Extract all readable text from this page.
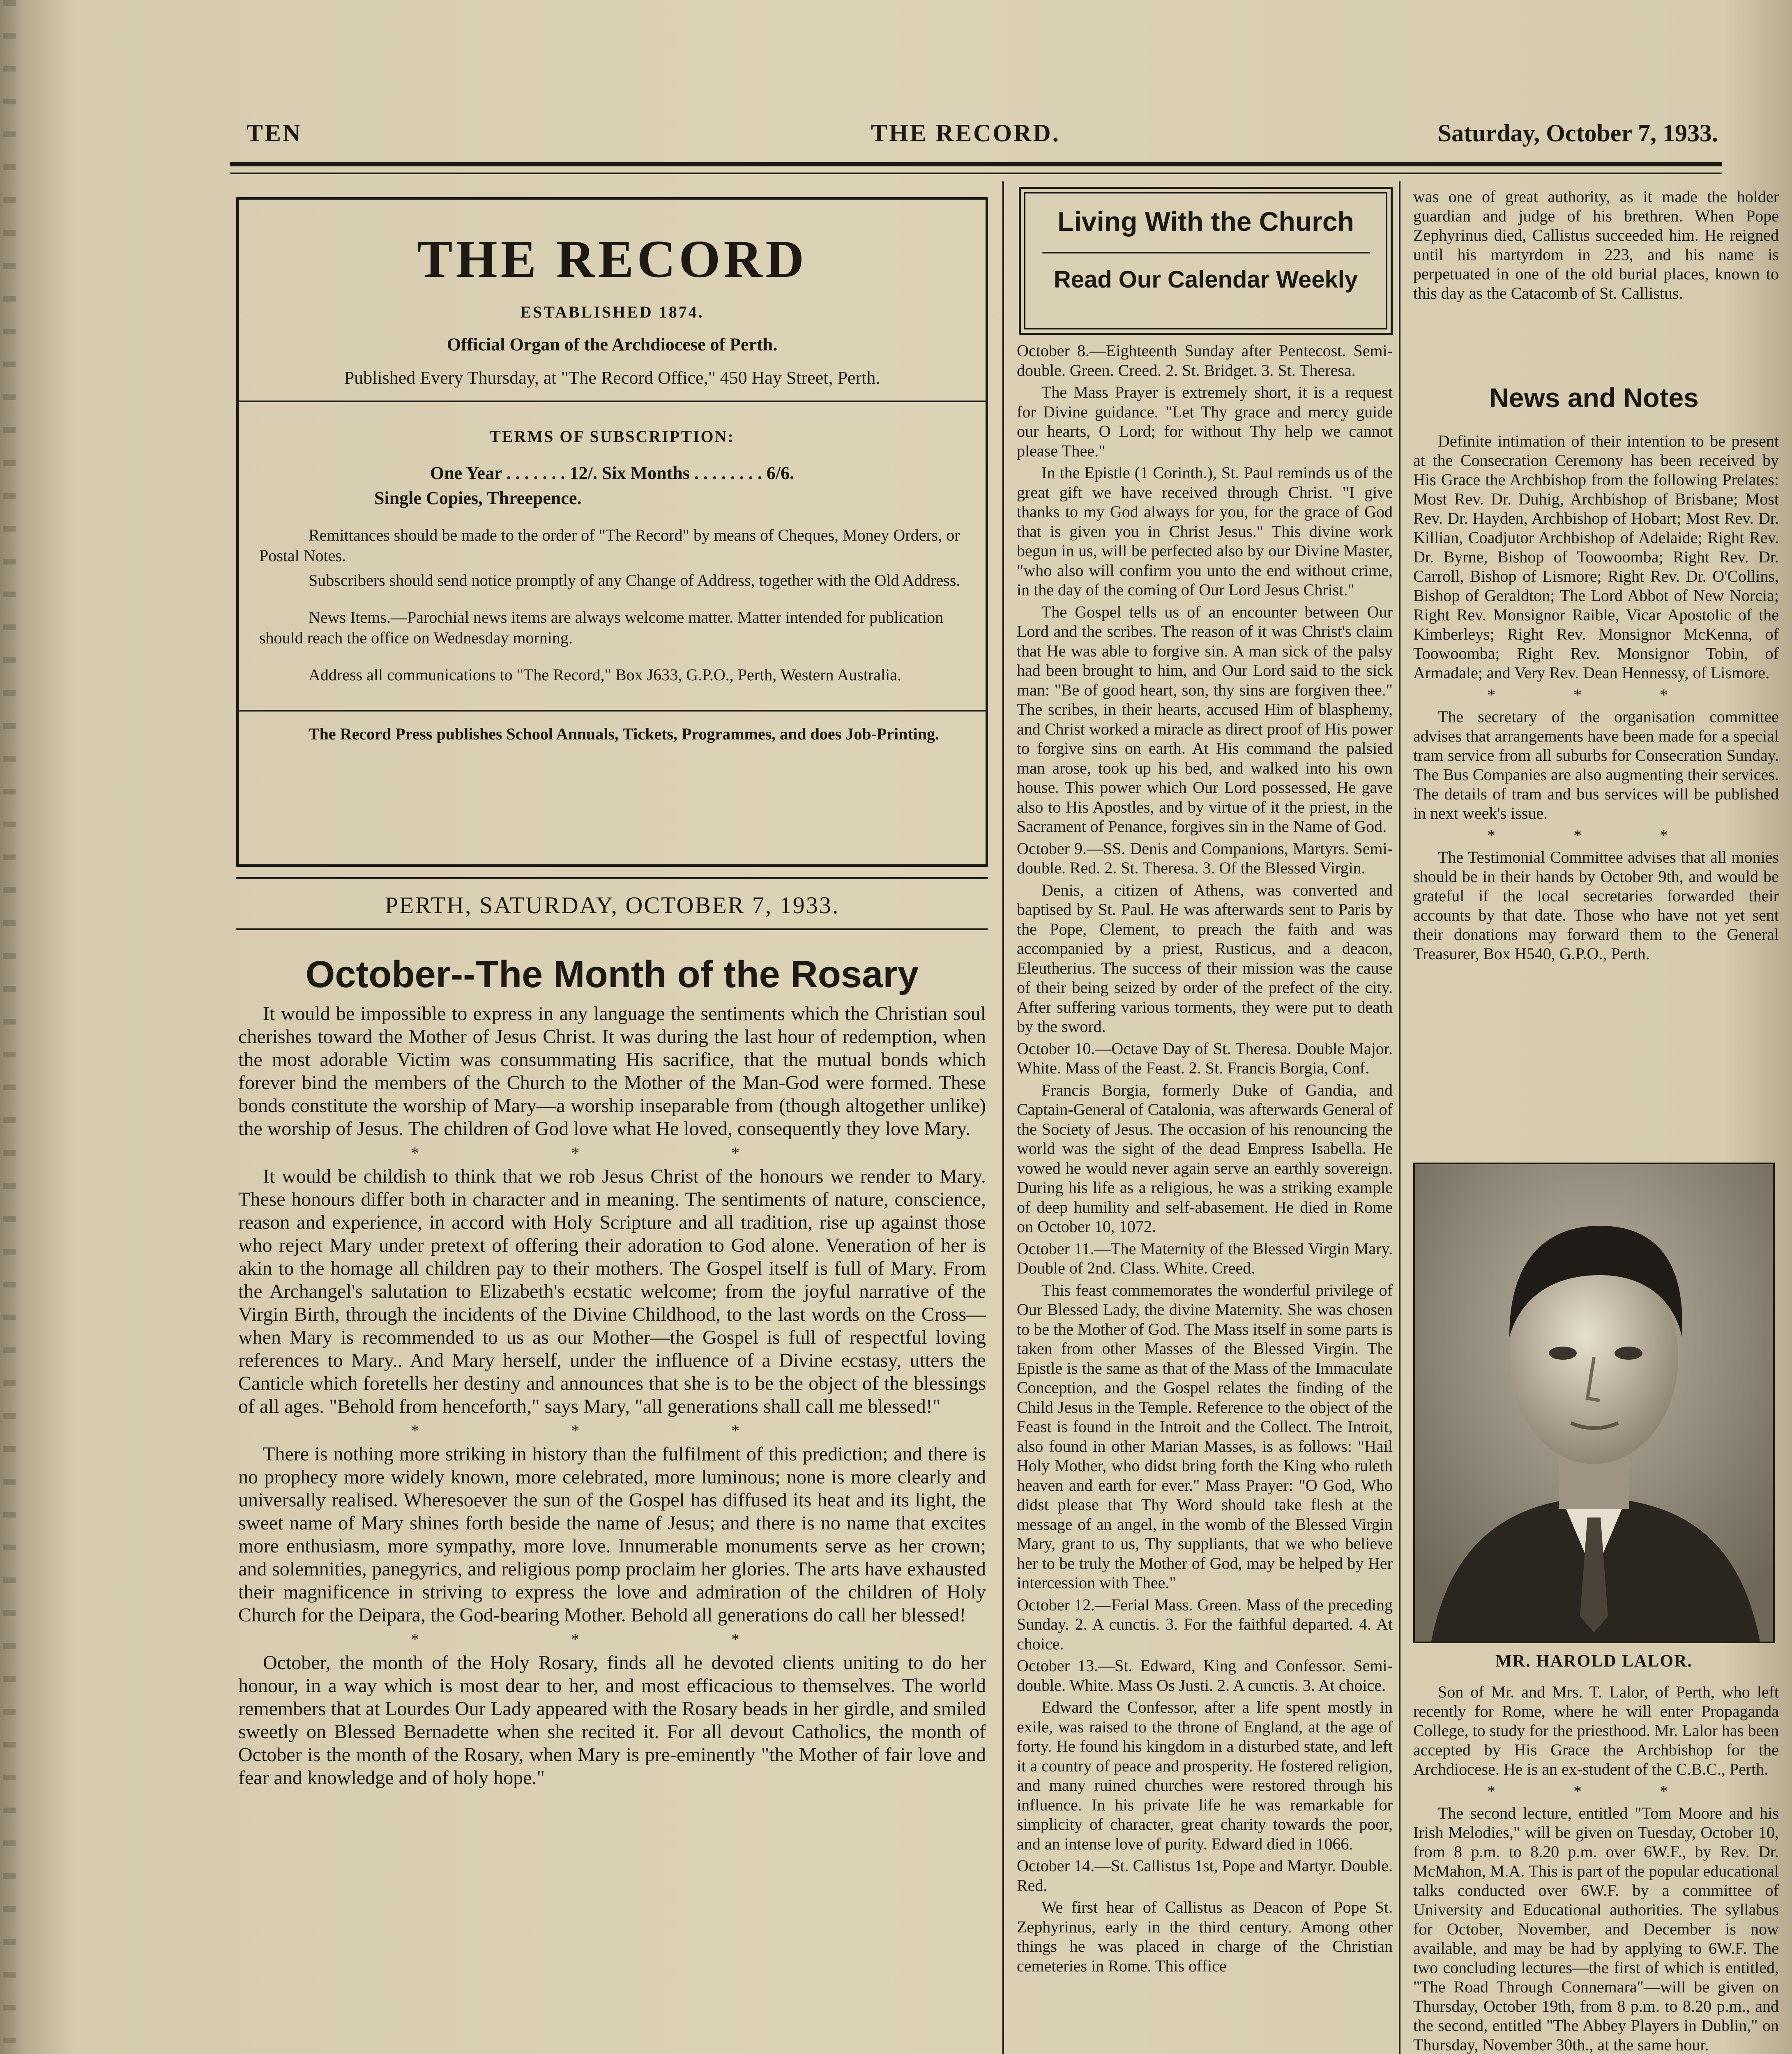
TEN	THE RECORD.	Saturday, October 7, 1933.
THE RECORD
ESTABLISHED 1874.
Official Organ of the Archdiocese of Perth.
Published Every Thursday, at "The Record Office," 450 Hay Street, Perth.
TERMS OF SUBSCRIPTION:
One Year . . . . . . . 12/. Six Months . . . . . . . . 6/6.
Single Copies, Threepence.
Remittances should be made to the order of "The Record" by means of Cheques, Money Orders, or Postal Notes.
Subscribers should send notice promptly of any Change of Address, together with the Old Address.
News Items.—Parochial news items are always welcome matter. Matter intended for publication should reach the office on Wednesday morning.
Address all communications to "The Record," Box J633, G.P.O., Perth, Western Australia.
The Record Press publishes School Annuals, Tickets, Programmes, and does Job-Printing.
PERTH, SATURDAY, OCTOBER 7, 1933.
October--The Month of the Rosary

It would be impossible to express in any language the sentiments which the Christian soul cherishes toward the Mother of Jesus Christ. It was during the last hour of redemption, when the most adorable Victim was consummating His sacrifice, that the mutual bonds which forever bind the members of the Church to the Mother of the Man-God were formed. These bonds constitute the worship of Mary—a worship inseparable from (though altogether unlike) the worship of Jesus. The children of God love what He loved, consequently they love Mary.

* * *

It would be childish to think that we rob Jesus Christ of the honours we render to Mary. These honours differ both in character and in meaning. The sentiments of nature, conscience, reason and experience, in accord with Holy Scripture and all tradition, rise up against those who reject Mary under pretext of offering their adoration to God alone. Veneration of her is akin to the homage all children pay to their mothers. The Gospel itself is full of Mary. From the Archangel's salutation to Elizabeth's ecstatic welcome; from the joyful narrative of the Virgin Birth, through the incidents of the Divine Childhood, to the last words on the Cross—when Mary is recommended to us as our Mother—the Gospel is full of respectful loving references to Mary.. And Mary herself, under the influence of a Divine ecstasy, utters the Canticle which foretells her destiny and announces that she is to be the object of the blessings of all ages. "Behold from henceforth," says Mary, "all generations shall call me blessed!"

* * *

There is nothing more striking in history than the fulfilment of this prediction; and there is no prophecy more widely known, more celebrated, more luminous; none is more clearly and universally realised. Wheresoever the sun of the Gospel has diffused its heat and its light, the sweet name of Mary shines forth beside the name of Jesus; and there is no name that excites more enthusiasm, more sympathy, more love. Innumerable monuments serve as her crown; and solemnities, panegyrics, and religious pomp proclaim her glories. The arts have exhausted their magnificence in striving to express the love and admiration of the children of Holy Church for the Deipara, the God-bearing Mother. Behold all generations do call her blessed!

* * *

October, the month of the Holy Rosary, finds all he devoted clients uniting to do her honour, in a way which is most dear to her, and most efficacious to themselves. The world remembers that at Lourdes Our Lady appeared with the Rosary beads in her girdle, and smiled sweetly on Blessed Bernadette when she recited it. For all devout Catholics, the month of October is the month of the Rosary, when Mary is pre-eminently "the Mother of fair love and fear and knowledge and of holy hope."

Living With the Church
Read Our Calendar Weekly

October 8.—Eighteenth Sunday after Pentecost. Semi-double. Green. Creed. 2. St. Bridget. 3. St. Theresa.

The Mass Prayer is extremely short, it is a request for Divine guidance. "Let Thy grace and mercy guide our hearts, O Lord; for without Thy help we cannot please Thee."

In the Epistle (1 Corinth.), St. Paul reminds us of the great gift we have received through Christ. "I give thanks to my God always for you, for the grace of God that is given you in Christ Jesus." This divine work begun in us, will be perfected also by our Divine Master, "who also will confirm you unto the end without crime, in the day of the coming of Our Lord Jesus Christ."

The Gospel tells us of an encounter between Our Lord and the scribes. The reason of it was Christ's claim that He was able to forgive sin. A man sick of the palsy had been brought to him, and Our Lord said to the sick man: "Be of good heart, son, thy sins are forgiven thee." The scribes, in their hearts, accused Him of blasphemy, and Christ worked a miracle as direct proof of His power to forgive sins on earth. At His command the palsied man arose, took up his bed, and walked into his own house. This power which Our Lord possessed, He gave also to His Apostles, and by virtue of it the priest, in the Sacrament of Penance, forgives sin in the Name of God.

October 9.—SS. Denis and Companions, Martyrs. Semi-double. Red. 2. St. Theresa. 3. Of the Blessed Virgin.

Denis, a citizen of Athens, was converted and baptised by St. Paul. He was afterwards sent to Paris by the Pope, Clement, to preach the faith and was accompanied by a priest, Rusticus, and a deacon, Eleutherius. The success of their mission was the cause of their being seized by order of the prefect of the city. After suffering various torments, they were put to death by the sword.

October 10.—Octave Day of St. Theresa. Double Major. White. Mass of the Feast. 2. St. Francis Borgia, Conf.

Francis Borgia, formerly Duke of Gandia, and Captain-General of Catalonia, was afterwards General of the Society of Jesus. The occasion of his renouncing the world was the sight of the dead Empress Isabella. He vowed he would never again serve an earthly sovereign. During his life as a religious, he was a striking example of deep humility and self-abasement. He died in Rome on October 10, 1072.

October 11.—The Maternity of the Blessed Virgin Mary. Double of 2nd. Class. White. Creed.

This feast commemorates the wonderful privilege of Our Blessed Lady, the divine Maternity. She was chosen to be the Mother of God. The Mass itself in some parts is taken from other Masses of the Blessed Virgin. The Epistle is the same as that of the Mass of the Immaculate Conception, and the Gospel relates the finding of the Child Jesus in the Temple. Reference to the object of the Feast is found in the Introit and the Collect. The Introit, also found in other Marian Masses, is as follows: "Hail Holy Mother, who didst bring forth the King who ruleth heaven and earth for ever." Mass Prayer: "O God, Who didst please that Thy Word should take flesh at the message of an angel, in the womb of the Blessed Virgin Mary, grant to us, Thy suppliants, that we who believe her to be truly the Mother of God, may be helped by Her intercession with Thee."

October 12.—Ferial Mass. Green. Mass of the preceding Sunday. 2. A cunctis. 3. For the faithful departed. 4. At choice.

October 13.—St. Edward, King and Confessor. Semi-double. White. Mass Os Justi. 2. A cunctis. 3. At choice.

Edward the Confessor, after a life spent mostly in exile, was raised to the throne of England, at the age of forty. He found his kingdom in a disturbed state, and left it a country of peace and prosperity. He fostered religion, and many ruined churches were restored through his influence. In his private life he was remarkable for simplicity of character, great charity towards the poor, and an intense love of purity. Edward died in 1066.

October 14.—St. Callistus 1st, Pope and Martyr. Double. Red.

We first hear of Callistus as Deacon of Pope St. Zephyrinus, early in the third century. Among other things he was placed in charge of the Christian cemeteries in Rome. This office

was one of great authority, as it made the holder guardian and judge of his brethren. When Pope Zephyrinus died, Callistus succeeded him. He reigned until his martyrdom in 223, and his name is perpetuated in one of the old burial places, known to this day as the Catacomb of St. Callistus.

News and Notes

Definite intimation of their intention to be present at the Consecration Ceremony has been received by His Grace the Archbishop from the following Prelates: Most Rev. Dr. Duhig, Archbishop of Brisbane; Most Rev. Dr. Hayden, Archbishop of Hobart; Most Rev. Dr. Killian, Coadjutor Archbishop of Adelaide; Right Rev. Dr. Byrne, Bishop of Toowoomba; Right Rev. Dr. Carroll, Bishop of Lismore; Right Rev. Dr. O'Collins, Bishop of Geraldton; The Lord Abbot of New Norcia; Right Rev. Monsignor Raible, Vicar Apostolic of the Kimberleys; Right Rev. Monsignor McKenna, of Toowoomba; Right Rev. Monsignor Tobin, of Armadale; and Very Rev. Dean Hennessy, of Lismore.

* * *

The secretary of the organisation committee advises that arrangements have been made for a special tram service from all suburbs for Consecration Sunday. The Bus Companies are also augmenting their services. The details of tram and bus services will be published in next week's issue.

* * *

The Testimonial Committee advises that all monies should be in their hands by October 9th, and would be grateful if the local secretaries forwarded their accounts by that date. Those who have not yet sent their donations may forward them to the General Treasurer, Box H540, G.P.O., Perth.

MR. HAROLD LALOR.

Son of Mr. and Mrs. T. Lalor, of Perth, who left recently for Rome, where he will enter Propaganda College, to study for the priesthood. Mr. Lalor has been accepted by His Grace the Archbishop for the Archdiocese. He is an ex-student of the C.B.C., Perth.

* * *

The second lecture, entitled "Tom Moore and his Irish Melodies," will be given on Tuesday, October 10, from 8 p.m. to 8.20 p.m. over 6W.F., by Rev. Dr. McMahon, M.A. This is part of the popular educational talks conducted over 6W.F. by a committee of University and Educational authorities. The syllabus for October, November, and December is now available, and may be had by applying to 6W.F. The two concluding lectures—the first of which is entitled, "The Road Through Connemara"—will be given on Thursday, October 19th, from 8 p.m. to 8.20 p.m., and the second, entitled "The Abbey Players in Dublin," on Thursday, November 30th., at the same hour.
